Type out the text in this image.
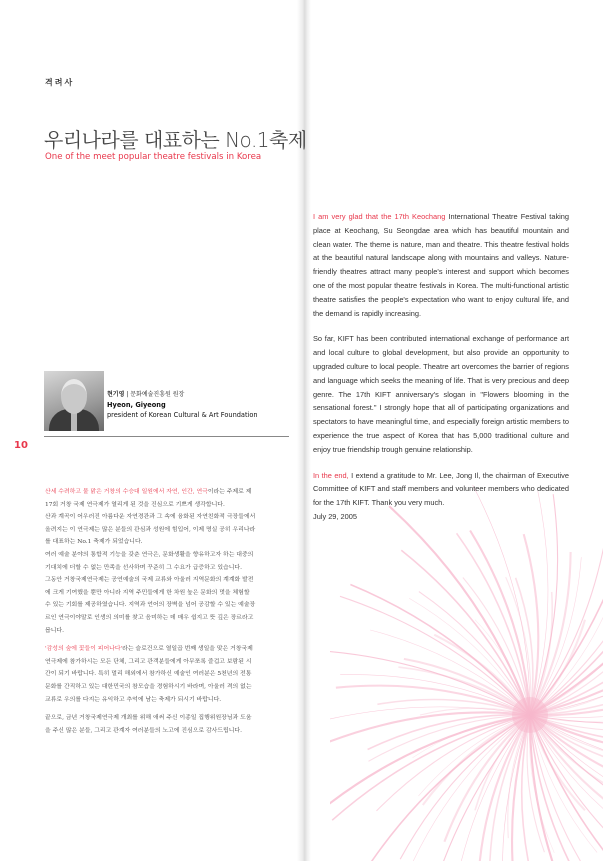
격려사
우리나라를 대표하는 No.1축제
One of the meet popular theatre festivals in Korea
현기영 | 문화예술진흥원 원장
Hyeon, Giyeong
president of Korean Cultural & Art Foundation
10

산세 수려하고 물 맑은 거창의 수승대 일원에서 자연, 인간, 연극이라는 주제로 제
17회 거창 국제 연극제가 열리게 된 것을 진심으로 기쁘게 생각합니다.
산과 계곡이 어우러진 아름다운 자연경관과 그 속에 융화된 자연친화적 극장들에서
올려지는 이 연극제는 많은 분들의 관심과 성원에 힘입어, 이제 명실 공히 우리나라
를 대표하는 No.1 축제가 되었습니다.
여러 예술 분야의 통합적 기능을 갖춘 연극은, 문화생활을 향유하고자 하는 대중의
기대치에 더할 수 없는 만족을 선사하며 꾸준히 그 수요가 급증하고 있습니다.
그동안 거창국제연극제는 공연예술의 국제 교류와 아울러 지역문화의 계계화 발전
에 크게 기여했을 뿐만 아니라 지역 주민들에게 한 차원 높은 문화의 멋을 체험할
수 있는 기회를 제공하였습니다. 지역과 언어의 장벽을 넘어 공감할 수 있는 예술장
르인 연극이야말로 인생의 의미를 찾고 음미하는 데 매우 쉽지고 뜻 깊은 장르라고
봅니다.

'감성의 숲에 꽃들이 피어나다'라는 슬로건으로 열일곱 번째 생일을 맞은 거창국제
연극제에 참가하시는 모든 단체, 그리고 관객분들에게 아무쪼록 즐겁고 보람된 시
간이 되기 바랍니다. 특히 멀리 해외에서 참가하신 예술인 여러분은 5천년의 전통
문화를 간직하고 있는 대한민국의 참모습을 경험하시기 바라며, 아울러 격의 없는
교류로 우의를 다지는 유익하고 추억에 남는 축제가 되시기 바랍니다.

끝으로, 금년 거창국제연극제 개최를 위해 애써 주신 이종일 집행위원장님과 도움
을 주신 많은 분들, 그리고 관계자 여러분들의 노고에 진심으로 감사드립니다.

I am very glad that the 17th Keochang International Theatre Festival taking place at Keochang, Su Seongdae area which has beautiful mountain and clean water. The theme is nature, man and theatre. This theatre festival holds at the beautiful natural landscape along with mountains and valleys. Nature-friendly theatres attract many people's interest and support which becomes one of the most popular theatre festivals in Korea. The multi-functional artistic theatre satisfies the people's expectation who want to enjoy cultural life, and the demand is rapidly increasing.

So far, KIFT has been contributed international exchange of performance art and local culture to global development, but also provide an opportunity to upgraded culture to local people. Theatre art overcomes the barrier of regions and language which seeks the meaning of life. That is very precious and deep genre. The 17th KIFT anniversary's slogan in "Flowers blooming in the sensational forest." I strongly hope that all of participating organizations and spectators to have meaningful time, and especially foreign artistic members to experience the true aspect of Korea that has 5,000 traditional culture and enjoy true friendship trough genuine relationship.

In the end, I extend a gratitude to Mr. Lee, Jong Il, the chairman of Executive Committee of KIFT and staff members and volunteer members who dedicated for the 17th KIFT. Thank you very much.

July 29, 2005
